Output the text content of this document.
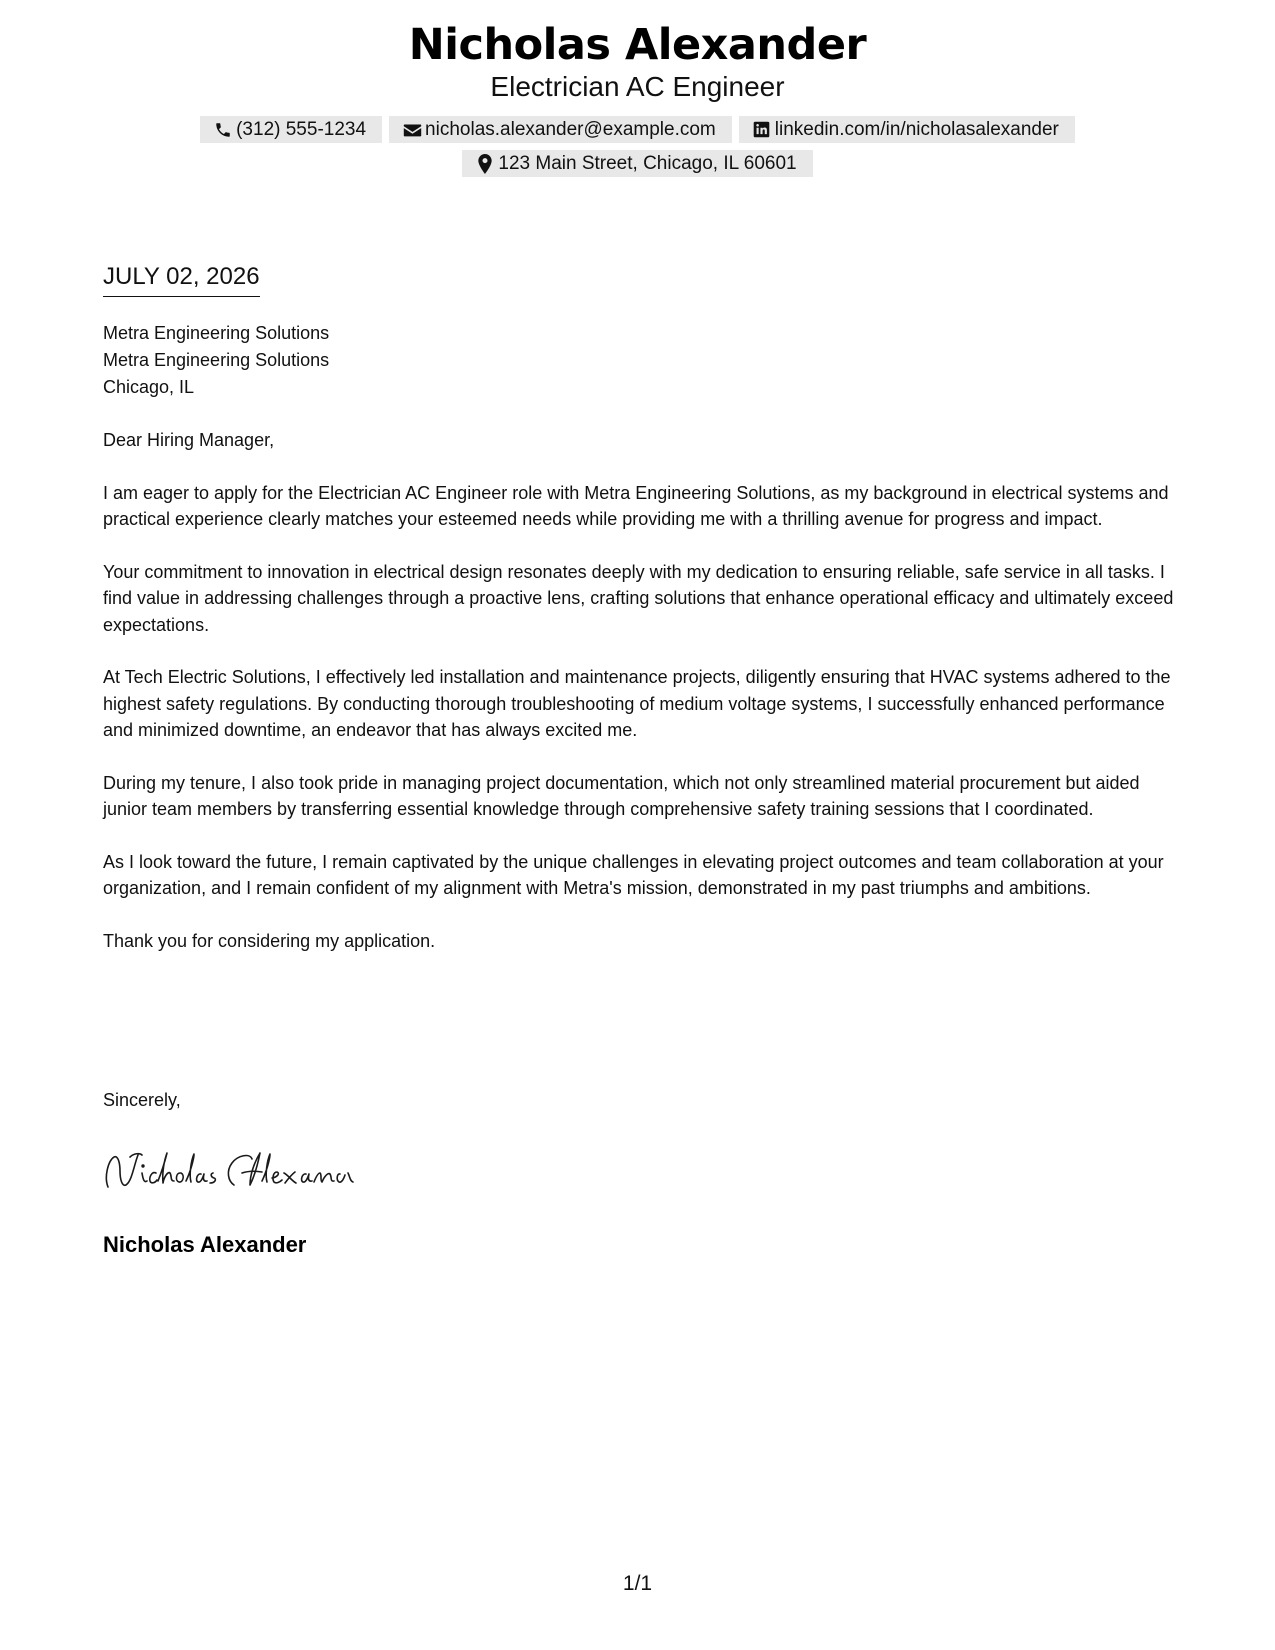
Nicholas Alexander
Electrician AC Engineer
(312) 555-1234	nicholas.alexander@example.com	linkedin.com/in/nicholasalexander
123 Main Street, Chicago, IL 60601
JULY 02, 2026
Metra Engineering Solutions
Metra Engineering Solutions
Chicago, IL

Dear Hiring Manager,

I am eager to apply for the Electrician AC Engineer role with Metra Engineering Solutions, as my background in electrical systems and practical experience clearly matches your esteemed needs while providing me with a thrilling avenue for progress and impact.

Your commitment to innovation in electrical design resonates deeply with my dedication to ensuring reliable, safe service in all tasks. I find value in addressing challenges through a proactive lens, crafting solutions that enhance operational efficacy and ultimately exceed expectations.

At Tech Electric Solutions, I effectively led installation and maintenance projects, diligently ensuring that HVAC systems adhered to the highest safety regulations. By conducting thorough troubleshooting of medium voltage systems, I successfully enhanced performance and minimized downtime, an endeavor that has always excited me.

During my tenure, I also took pride in managing project documentation, which not only streamlined material procurement but aided junior team members by transferring essential knowledge through comprehensive safety training sessions that I coordinated.

As I look toward the future, I remain captivated by the unique challenges in elevating project outcomes and team collaboration at your organization, and I remain confident of my alignment with Metra's mission, demonstrated in my past triumphs and ambitions.

Thank you for considering my application.

Sincerely,
Nicholas Alexander
1/1
